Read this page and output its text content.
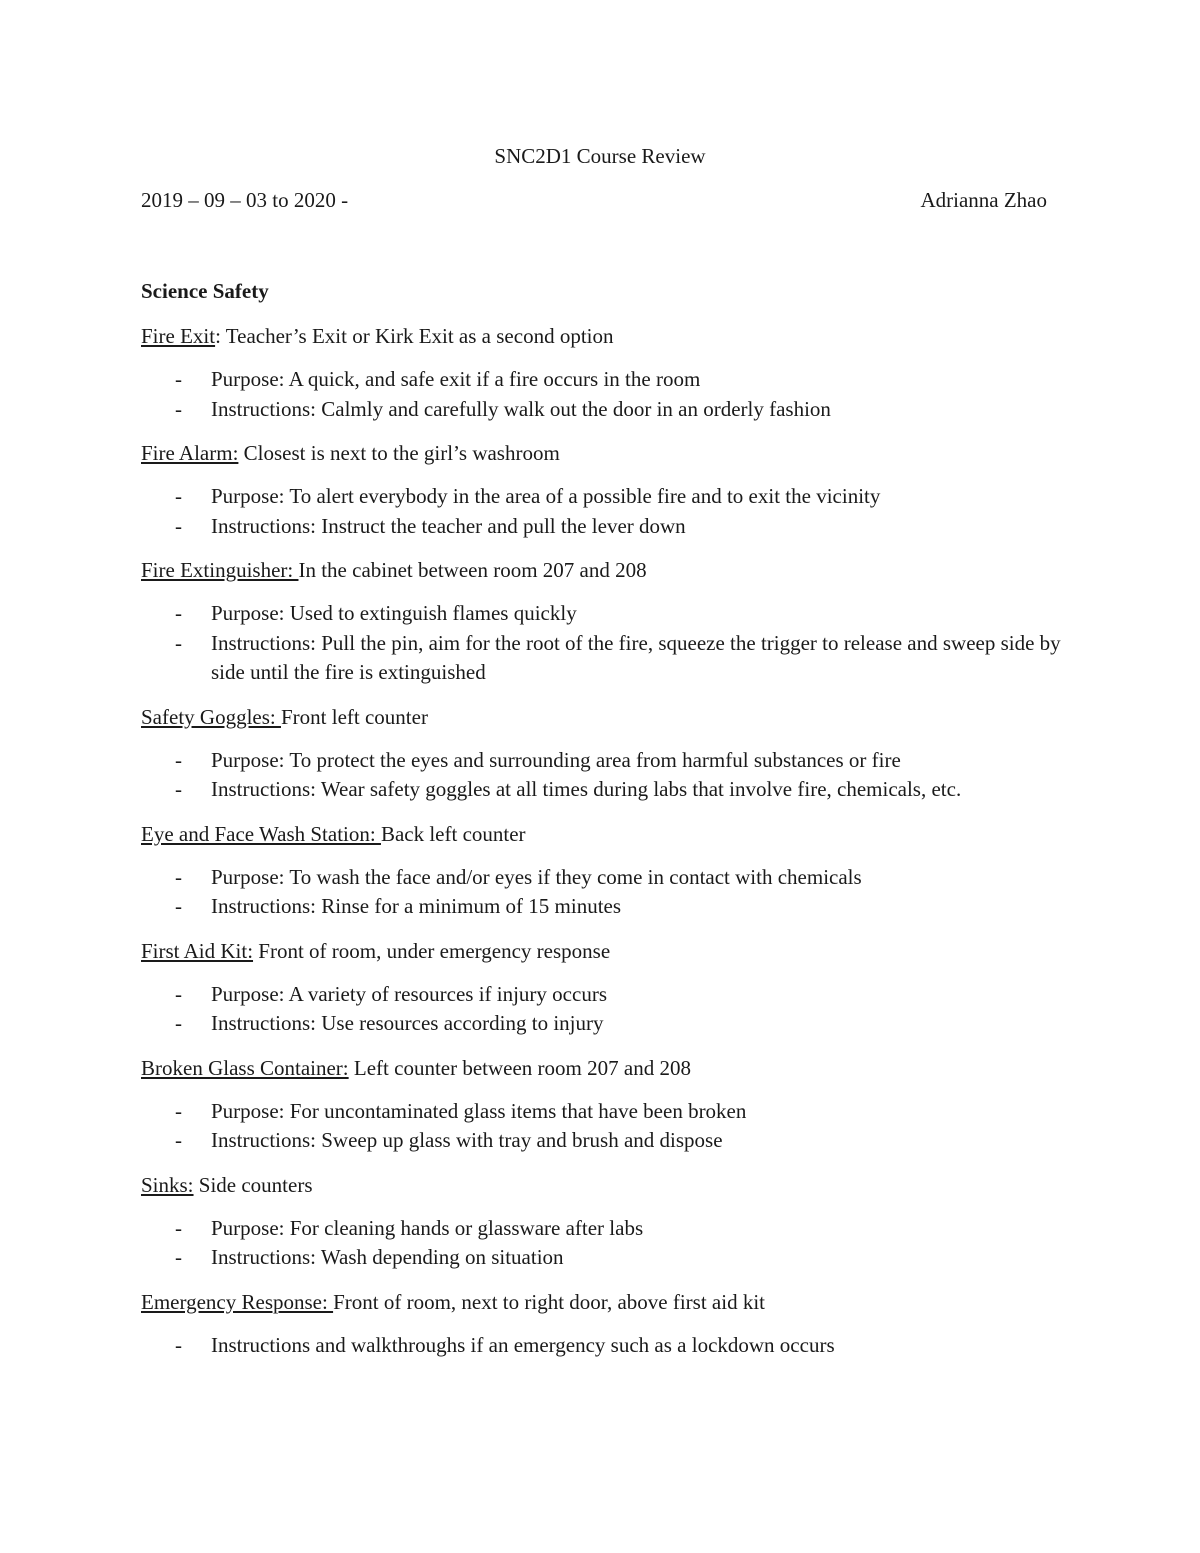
SNC2D1 Course Review
2019 – 09 – 03 to 2020 -	Adrianna Zhao
Science Safety

Fire Exit: Teacher’s Exit or Kirk Exit as a second option

- Purpose: A quick, and safe exit if a fire occurs in the room
- Instructions: Calmly and carefully walk out the door in an orderly fashion

Fire Alarm: Closest is next to the girl’s washroom

- Purpose: To alert everybody in the area of a possible fire and to exit the vicinity
- Instructions: Instruct the teacher and pull the lever down

Fire Extinguisher: In the cabinet between room 207 and 208

- Purpose: Used to extinguish flames quickly
- Instructions: Pull the pin, aim for the root of the fire, squeeze the trigger to release and sweep side by side until the fire is extinguished

Safety Goggles: Front left counter

- Purpose: To protect the eyes and surrounding area from harmful substances or fire
- Instructions: Wear safety goggles at all times during labs that involve fire, chemicals, etc.

Eye and Face Wash Station: Back left counter

- Purpose: To wash the face and/or eyes if they come in contact with chemicals
- Instructions: Rinse for a minimum of 15 minutes

First Aid Kit: Front of room, under emergency response

- Purpose: A variety of resources if injury occurs
- Instructions: Use resources according to injury

Broken Glass Container: Left counter between room 207 and 208

- Purpose: For uncontaminated glass items that have been broken
- Instructions: Sweep up glass with tray and brush and dispose

Sinks: Side counters

- Purpose: For cleaning hands or glassware after labs
- Instructions: Wash depending on situation

Emergency Response: Front of room, next to right door, above first aid kit

- Instructions and walkthroughs if an emergency such as a lockdown occurs
